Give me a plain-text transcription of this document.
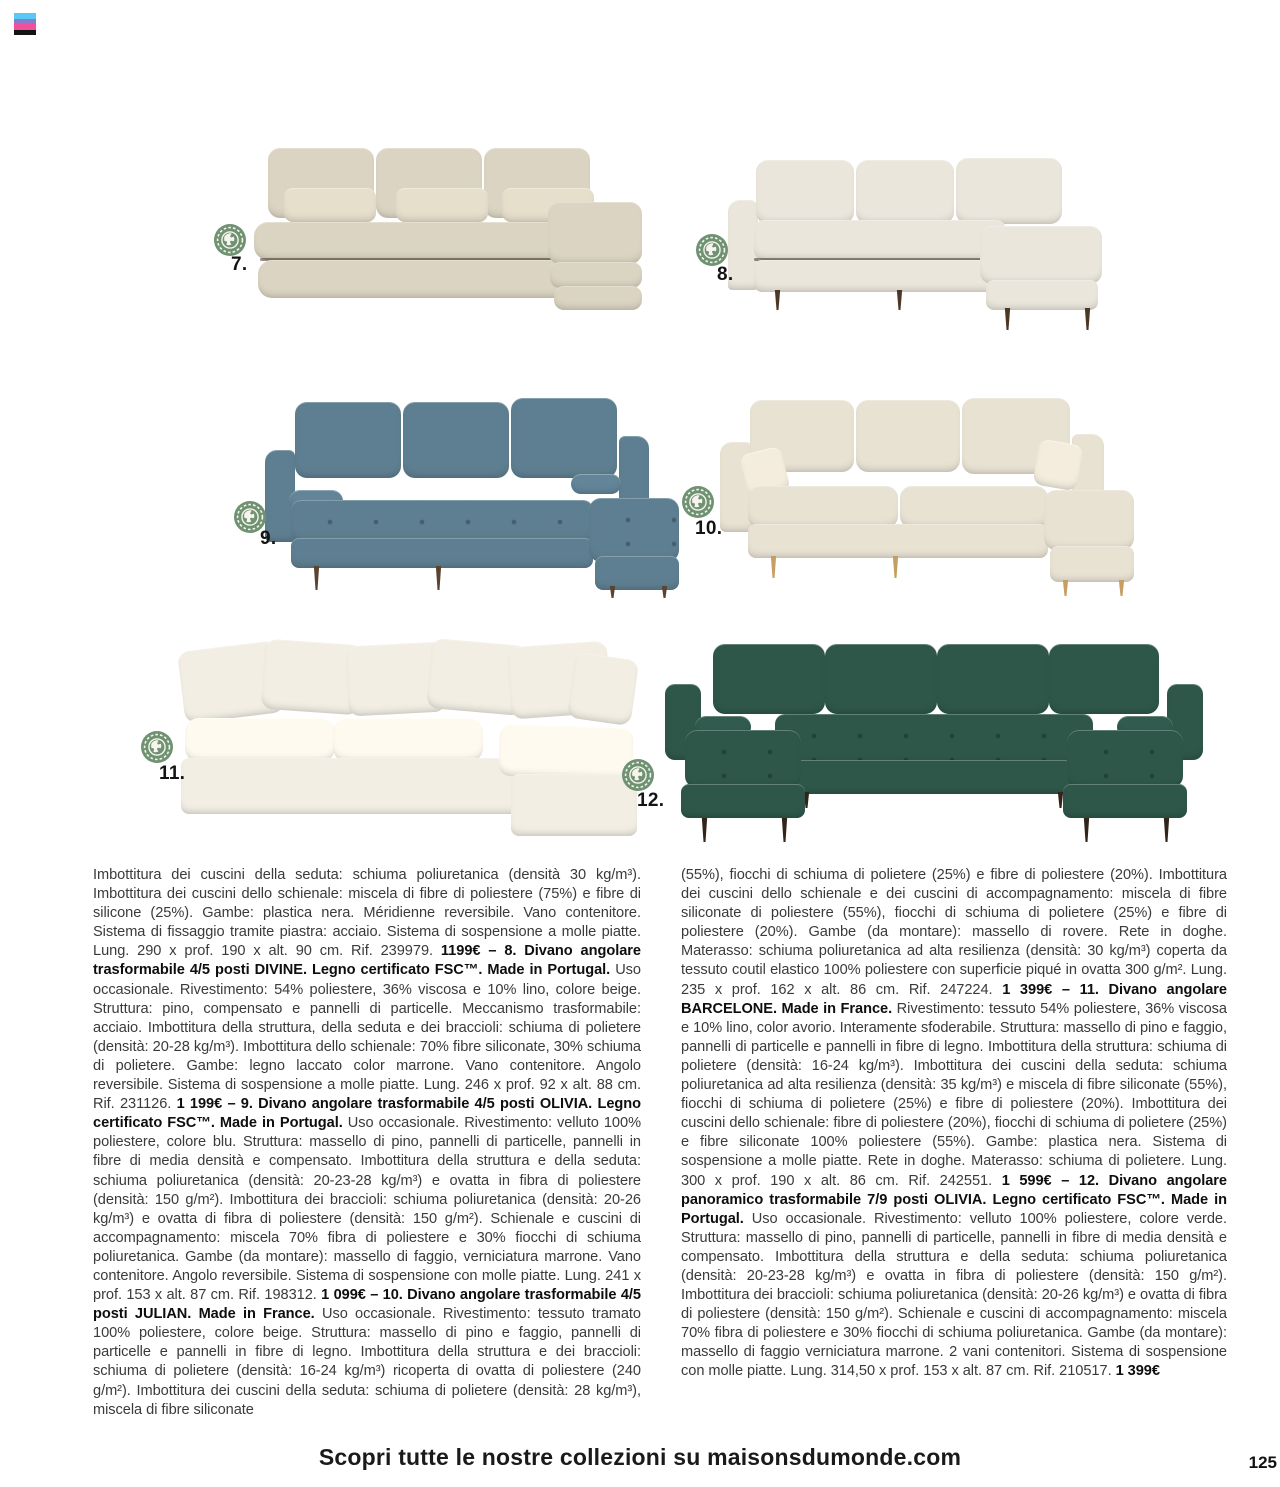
7.	8.
9.	10.
11.
12.
Imbottitura dei cuscini della seduta: schiuma poliuretanica (densità 30 kg/m³). Imbottitura dei cuscini dello schienale: miscela di fibre di poliestere (75%) e fibre di silicone (25%). Gambe: plastica nera. Méridienne reversibile. Vano contenitore. Sistema di fissaggio tramite piastra: acciaio. Sistema di sospensione a molle piatte. Lung. 290 x prof. 190 x alt. 90 cm. Rif. 239979. 1199€ – 8. Divano angolare trasformabile 4/5 posti DIVINE. Legno certificato FSC™. Made in Portugal. Uso occasionale. Rivestimento: 54% poliestere, 36% viscosa e 10% lino, colore beige. Struttura: pino, compensato e pannelli di particelle. Meccanismo trasformabile: acciaio. Imbottitura della struttura, della seduta e dei braccioli: schiuma di polietere (densità: 20-28 kg/m³). Imbottitura dello schienale: 70% fibre siliconate, 30% schiuma di polietere. Gambe: legno laccato color marrone. Vano contenitore. Angolo reversibile. Sistema di sospensione a molle piatte. Lung. 246 x prof. 92 x alt. 88 cm. Rif. 231126. 1 199€ – 9. Divano angolare trasformabile 4/5 posti OLIVIA. Legno certificato FSC™. Made in Portugal. Uso occasionale. Rivestimento: velluto 100% poliestere, colore blu. Struttura: massello di pino, pannelli di particelle, pannelli in fibre di media densità e compensato. Imbottitura della struttura e della seduta: schiuma poliuretanica (densità: 20-23-28 kg/m³) e ovatta in fibra di poliestere (densità: 150 g/m²). Imbottitura dei braccioli: schiuma poliuretanica (densità: 20-26 kg/m³) e ovatta di fibra di poliestere (densità: 150 g/m²). Schienale e cuscini di accompagnamento: miscela 70% fibra di poliestere e 30% fiocchi di schiuma poliuretanica. Gambe (da montare): massello di faggio, verniciatura marrone. Vano contenitore. Angolo reversibile. Sistema di sospensione con molle piatte. Lung. 241 x prof. 153 x alt. 87 cm. Rif. 198312. 1 099€ – 10. Divano angolare trasformabile 4/5 posti JULIAN. Made in France. Uso occasionale. Rivestimento: tessuto tramato 100% poliestere, colore beige. Struttura: massello di pino e faggio, pannelli di particelle e pannelli in fibre di legno. Imbottitura della struttura e dei braccioli: schiuma di polietere (densità: 16-24 kg/m³) ricoperta di ovatta di poliestere (240 g/m²). Imbottitura dei cuscini della seduta: schiuma di polietere (densità: 28 kg/m³), miscela di fibre siliconate
(55%), fiocchi di schiuma di polietere (25%) e fibre di poliestere (20%). Imbottitura dei cuscini dello schienale e dei cuscini di accompagnamento: miscela di fibre siliconate di poliestere (55%), fiocchi di schiuma di polietere (25%) e fibre di poliestere (20%). Gambe (da montare): massello di rovere. Rete in doghe. Materasso: schiuma poliuretanica ad alta resilienza (densità: 30 kg/m³) coperta da tessuto coutil elastico 100% poliestere con superficie piqué in ovatta 300 g/m². Lung. 235 x prof. 162 x alt. 86 cm. Rif. 247224. 1 399€ – 11. Divano angolare BARCELONE. Made in France. Rivestimento: tessuto 54% poliestere, 36% viscosa e 10% lino, color avorio. Interamente sfoderabile. Struttura: massello di pino e faggio, pannelli di particelle e pannelli in fibre di legno. Imbottitura della struttura: schiuma di polietere (densità: 16-24 kg/m³). Imbottitura dei cuscini della seduta: schiuma poliuretanica ad alta resilienza (densità: 35 kg/m³) e miscela di fibre siliconate (55%), fiocchi di schiuma di polietere (25%) e fibre di poliestere (20%). Imbottitura dei cuscini dello schienale: fibre di poliestere (20%), fiocchi di schiuma di polietere (25%) e fibre siliconate 100% poliestere (55%). Gambe: plastica nera. Sistema di sospensione a molle piatte. Rete in doghe. Materasso: schiuma di polietere. Lung. 300 x prof. 190 x alt. 86 cm. Rif. 242551. 1 599€ – 12. Divano angolare panoramico trasformabile 7/9 posti OLIVIA. Legno certificato FSC™. Made in Portugal. Uso occasionale. Rivestimento: velluto 100% poliestere, colore verde. Struttura: massello di pino, pannelli di particelle, pannelli in fibre di media densità e compensato. Imbottitura della struttura e della seduta: schiuma poliuretanica (densità: 20-23-28 kg/m³) e ovatta in fibra di poliestere (densità: 150 g/m²). Imbottitura dei braccioli: schiuma poliuretanica (densità: 20-26 kg/m³) e ovatta di fibra di poliestere (densità: 150 g/m²). Schienale e cuscini di accompagnamento: miscela 70% fibra di poliestere e 30% fiocchi di schiuma poliuretanica. Gambe (da montare): massello di faggio verniciatura marrone. 2 vani contenitori. Sistema di sospensione con molle piatte. Lung. 314,50 x prof. 153 x alt. 87 cm. Rif. 210517. 1 399€
Scopri tutte le nostre collezioni su maisonsdumonde.com	125
